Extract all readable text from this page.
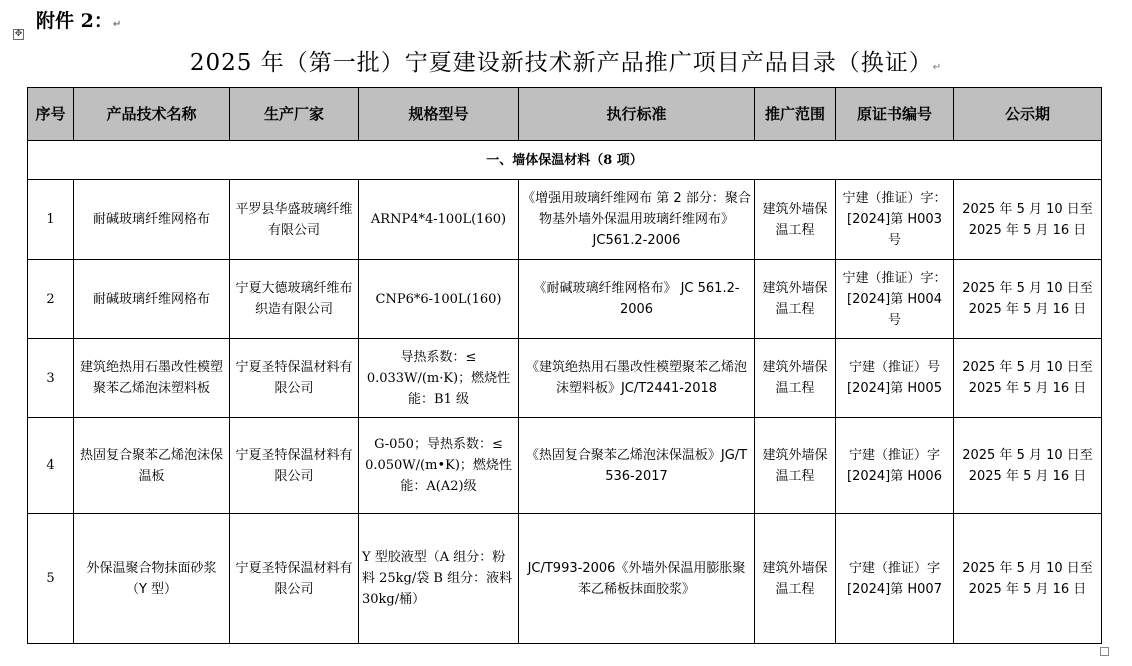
附件 2：↵
✥
2025 年（第一批）宁夏建设新技术新产品推广项目产品目录（换证）↵
序号	产品技术名称	生产厂家	规格型号	执行标准	推广范围	原证书编号	公示期
一、墙体保温材料（8 项）							
1	耐碱玻璃纤维网格布	平罗县华盛玻璃纤维有限公司	ARNP4*4-100L(160)	《增强用玻璃纤维网布 第 2 部分：聚合物基外墙外保温用玻璃纤维网布》 JC561.2-2006	建筑外墙保温工程	宁建（推证）字：[2024]第 H003 号	2025 年 5 月 10 日至 2025 年 5 月 16 日
2	耐碱玻璃纤维网格布	宁夏大德玻璃纤维布织造有限公司	CNP6*6-100L(160)	《耐碱玻璃纤维网格布》 JC 561.2-2006	建筑外墙保温工程	宁建（推证）字：[2024]第 H004 号	2025 年 5 月 10 日至 2025 年 5 月 16 日
3	建筑绝热用石墨改性模塑聚苯乙烯泡沫塑料板	宁夏圣特保温材料有限公司	导热系数：≤ 0.033W/(m·K)；燃烧性能：B1 级	《建筑绝热用石墨改性模塑聚苯乙烯泡沫塑料板》JC/T2441-2018	建筑外墙保温工程	宁建（推证）号[2024]第 H005	2025 年 5 月 10 日至 2025 年 5 月 16 日
4	热固复合聚苯乙烯泡沫保温板	宁夏圣特保温材料有限公司	G-050；导热系数：≤ 0.050W/(m•K)；燃烧性能：A(A2)级	《热固复合聚苯乙烯泡沫保温板》JG/T 536-2017	建筑外墙保温工程	宁建（推证）字[2024]第 H006	2025 年 5 月 10 日至 2025 年 5 月 16 日
5	外保温聚合物抹面砂浆（Y 型）	宁夏圣特保温材料有限公司	Y 型胶液型（A 组分：粉料 25kg/袋 B 组分：液料 30kg/桶）	JC/T993-2006《外墙外保温用膨胀聚苯乙稀板抹面胶浆》	建筑外墙保温工程	宁建（推证）字[2024]第 H007	2025 年 5 月 10 日至 2025 年 5 月 16 日
